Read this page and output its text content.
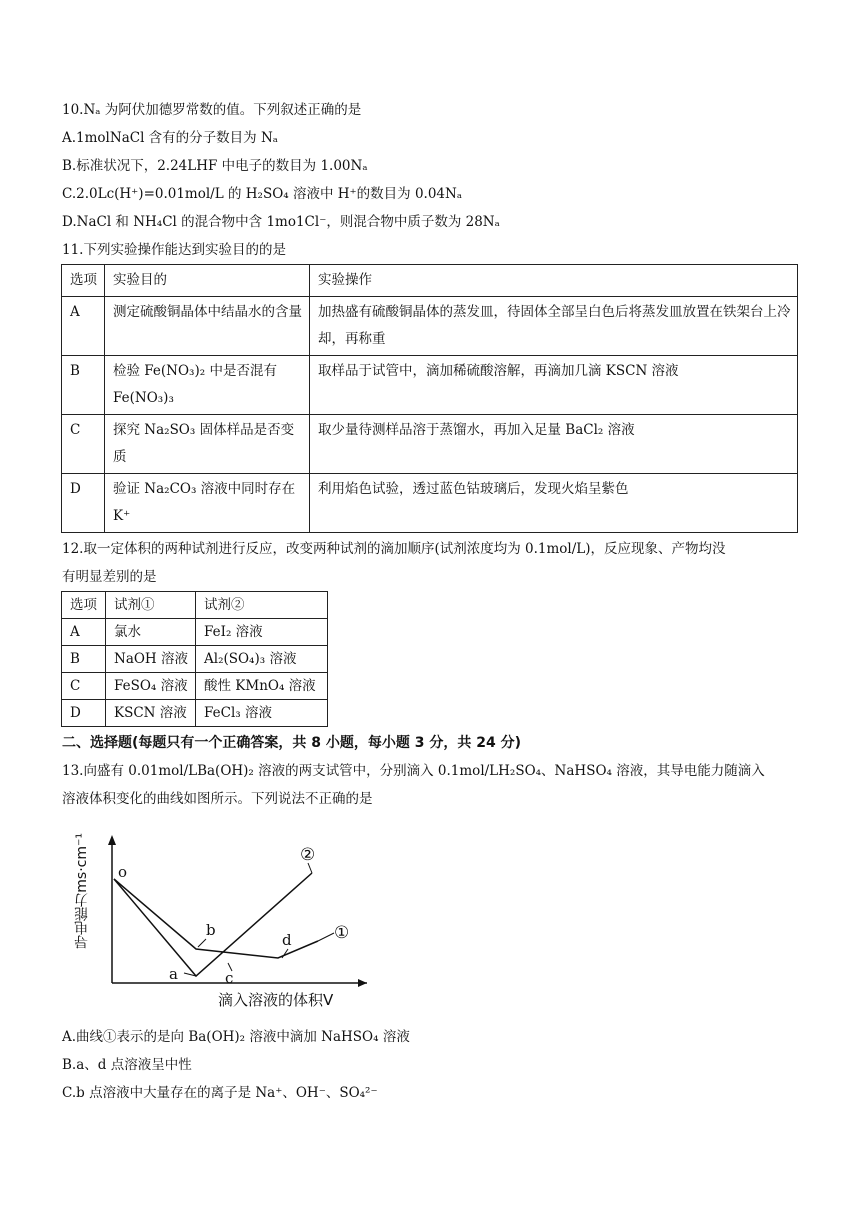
10.Nₐ 为阿伏加德罗常数的值。下列叙述正确的是
A.1molNaCl 含有的分子数目为 Nₐ
B.标准状况下，2.24LHF 中电子的数目为 1.00Nₐ
C.2.0Lc(H⁺)=0.01mol/L 的 H₂SO₄ 溶液中 H⁺的数目为 0.04Nₐ
D.NaCl 和 NH₄Cl 的混合物中含 1mo1Cl⁻，则混合物中质子数为 28Nₐ
11.下列实验操作能达到实验目的的是
选项	实验目的	实验操作
A	测定硫酸铜晶体中结晶水的含量	加热盛有硫酸铜晶体的蒸发皿，待固体全部呈白色后将蒸发皿放置在铁架台上冷却，再称重
B	检验 Fe(NO₃)₂ 中是否混有 Fe(NO₃)₃	取样品于试管中，滴加稀硫酸溶解，再滴加几滴 KSCN 溶液
C	探究 Na₂SO₃ 固体样品是否变质	取少量待测样品溶于蒸馏水，再加入足量 BaCl₂ 溶液
D	验证 Na₂CO₃ 溶液中同时存在 K⁺	利用焰色试验，透过蓝色钴玻璃后，发现火焰呈紫色
12.取一定体积的两种试剂进行反应，改变两种试剂的滴加顺序(试剂浓度均为 0.1mol/L)，反应现象、产物均没
有明显差别的是
选项	试剂①	试剂②
A	氯水	FeI₂ 溶液
B	NaOH 溶液	Al₂(SO₄)₃ 溶液
C	FeSO₄ 溶液	酸性 KMnO₄ 溶液
D	KSCN 溶液	FeCl₃ 溶液
二、选择题(每题只有一个正确答案，共 8 小题，每小题 3 分，共 24 分)
13.向盛有 0.01mol/LBa(OH)₂ 溶液的两支试管中，分别滴入 0.1mol/LH₂SO₄、NaHSO₄ 溶液，其导电能力随滴入
溶液体积变化的曲线如图所示。下列说法不正确的是
导电能力ms·cm⁻¹ o
a
b
c
d ①
②
滴入溶液的体积V
A.曲线①表示的是向 Ba(OH)₂ 溶液中滴加 NaHSO₄ 溶液
B.a、d 点溶液呈中性
C.b 点溶液中大量存在的离子是 Na⁺、OH⁻、SO₄²⁻
